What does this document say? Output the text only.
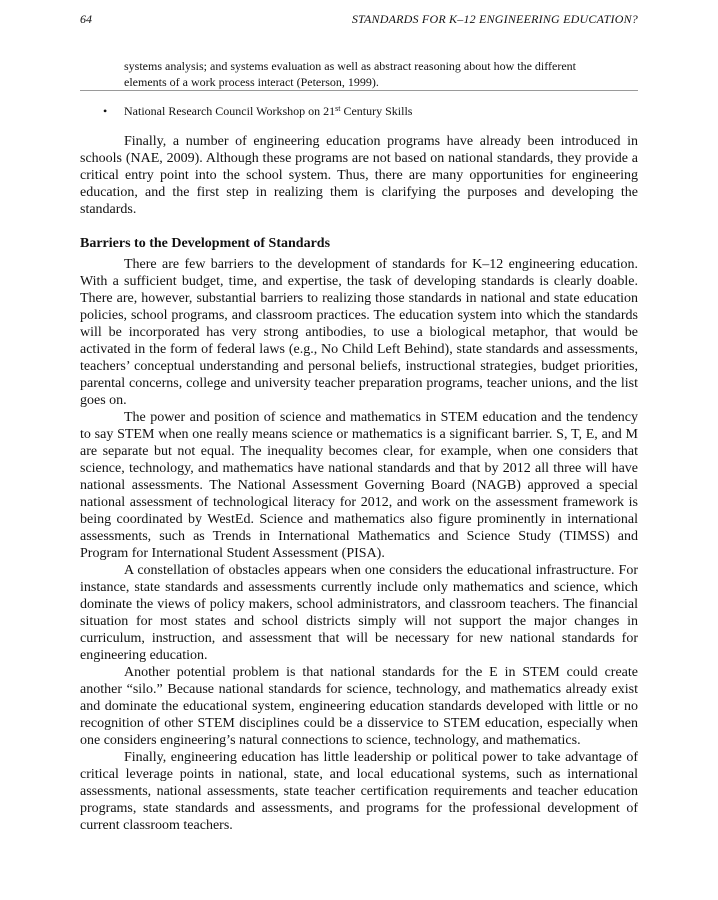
64	STANDARDS FOR K–12 ENGINEERING EDUCATION?
systems analysis; and systems evaluation as well as abstract reasoning about how the different elements of a work process interact (Peterson, 1999).
• National Research Council Workshop on 21st Century Skills

Finally, a number of engineering education programs have already been introduced in schools (NAE, 2009). Although these programs are not based on national standards, they provide a critical entry point into the school system. Thus, there are many opportunities for engineering education, and the first step in realizing them is clarifying the purposes and developing the standards.

Barriers to the Development of Standards

There are few barriers to the development of standards for K–12 engineering education. With a sufficient budget, time, and expertise, the task of developing standards is clearly doable. There are, however, substantial barriers to realizing those standards in national and state education policies, school programs, and classroom practices. The education system into which the standards will be incorporated has very strong antibodies, to use a biological metaphor, that would be activated in the form of federal laws (e.g., No Child Left Behind), state standards and assessments, teachers’ conceptual understanding and personal beliefs, instructional strategies, budget priorities, parental concerns, college and university teacher preparation programs, teacher unions, and the list goes on.

The power and position of science and mathematics in STEM education and the tendency to say STEM when one really means science or mathematics is a significant barrier. S, T, E, and M are separate but not equal. The inequality becomes clear, for example, when one considers that science, technology, and mathematics have national standards and that by 2012 all three will have national assessments. The National Assessment Governing Board (NAGB) approved a special national assessment of technological literacy for 2012, and work on the assessment framework is being coordinated by WestEd. Science and mathematics also figure prominently in international assessments, such as Trends in International Mathematics and Science Study (TIMSS) and Program for International Student Assessment (PISA).

A constellation of obstacles appears when one considers the educational infrastructure. For instance, state standards and assessments currently include only mathematics and science, which dominate the views of policy makers, school administrators, and classroom teachers. The financial situation for most states and school districts simply will not support the major changes in curriculum, instruction, and assessment that will be necessary for new national standards for engineering education.

Another potential problem is that national standards for the E in STEM could create another “silo.” Because national standards for science, technology, and mathematics already exist and dominate the educational system, engineering education standards developed with little or no recognition of other STEM disciplines could be a disservice to STEM education, especially when one considers engineering’s natural connections to science, technology, and mathematics.

Finally, engineering education has little leadership or political power to take advantage of critical leverage points in national, state, and local educational systems, such as international assessments, national assessments, state teacher certification requirements and teacher education programs, state standards and assessments, and programs for the professional development of current classroom teachers.
